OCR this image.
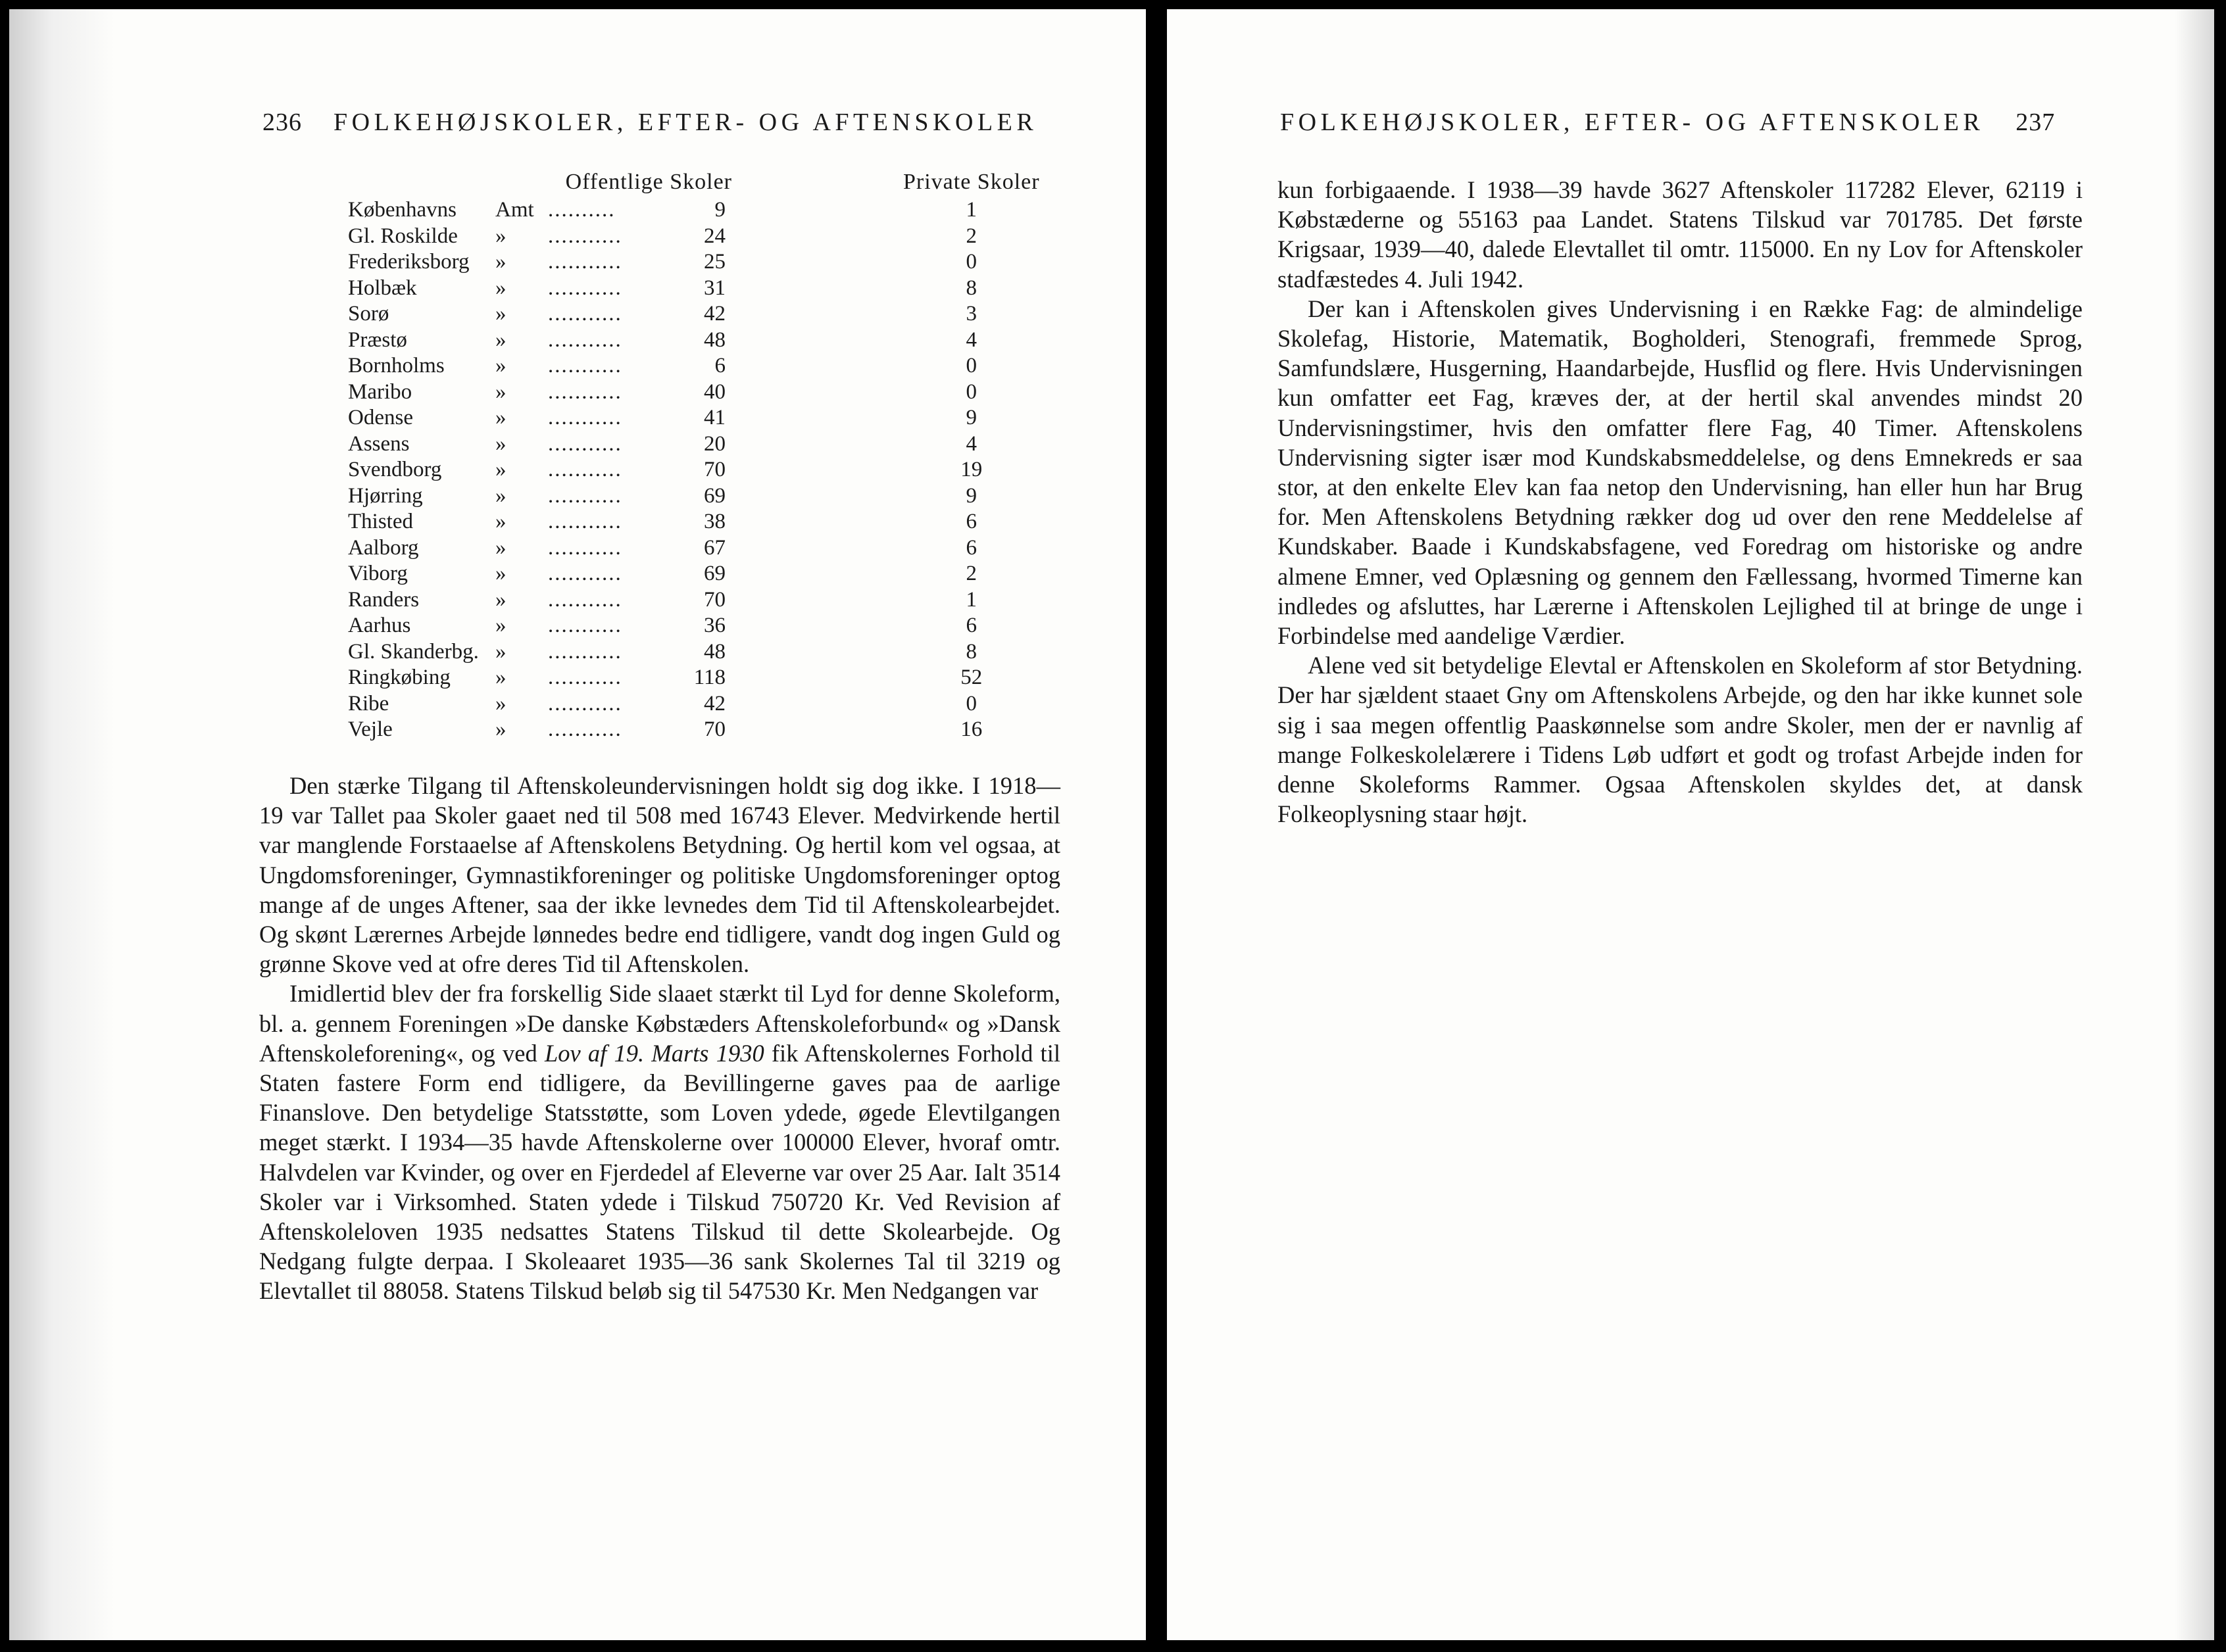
236 FOLKEHØJSKOLER, EFTER- OG AFTENSKOLER
		Offentlige Skoler			Private Skoler
Københavns	Amt	..........	9		1
Gl. Roskilde	»	...........	24		2
Frederiksborg	»	...........	25		0
Holbæk	»	...........	31		8
Sorø	»	...........	42		3
Præstø	»	...........	48		4
Bornholms	»	...........	6		0
Maribo	»	...........	40		0
Odense	»	...........	41		9
Assens	»	...........	20		4
Svendborg	»	...........	70		19
Hjørring	»	...........	69		9
Thisted	»	...........	38		6
Aalborg	»	...........	67		6
Viborg	»	...........	69		2
Randers	»	...........	70		1
Aarhus	»	...........	36		6
Gl. Skanderbg.	»	...........	48		8
Ringkøbing	»	...........	118		52
Ribe	»	...........	42		0
Vejle	»	...........	70		16

Den stærke Tilgang til Aftenskoleundervisningen holdt sig dog ikke. I 1918—19 var Tallet paa Skoler gaaet ned til 508 med 16743 Elever. Medvirkende hertil var manglende Forstaaelse af Aftenskolens Betydning. Og hertil kom vel ogsaa, at Ungdomsforeninger, Gymnastikforeninger og politiske Ungdomsforeninger optog mange af de unges Aftener, saa der ikke levnedes dem Tid til Aftenskolearbejdet. Og skønt Lærernes Arbejde lønnedes bedre end tidligere, vandt dog ingen Guld og grønne Skove ved at ofre deres Tid til Aftenskolen.

Imidlertid blev der fra forskellig Side slaaet stærkt til Lyd for denne Skoleform, bl. a. gennem Foreningen »De danske Købstæders Aftenskoleforbund« og »Dansk Aftenskoleforening«, og ved Lov af 19. Marts 1930 fik Aftenskolernes Forhold til Staten fastere Form end tidligere, da Bevillingerne gaves paa de aarlige Finanslove. Den betydelige Statsstøtte, som Loven ydede, øgede Elevtilgangen meget stærkt. I 1934—35 havde Aftenskolerne over 100000 Elever, hvoraf omtr. Halvdelen var Kvinder, og over en Fjerdedel af Eleverne var over 25 Aar. Ialt 3514 Skoler var i Virksomhed. Staten ydede i Tilskud 750720 Kr. Ved Revision af Aftenskoleloven 1935 nedsattes Statens Tilskud til dette Skolearbejde. Og Nedgang fulgte derpaa. I Skoleaaret 1935—36 sank Skolernes Tal til 3219 og Elevtallet til 88058. Statens Tilskud beløb sig til 547530 Kr. Men Nedgangen var

FOLKEHØJSKOLER, EFTER- OG AFTENSKOLER 237

kun forbigaaende. I 1938—39 havde 3627 Aftenskoler 117282 Elever, 62119 i Købstæderne og 55163 paa Landet. Statens Tilskud var 701785. Det første Krigsaar, 1939—40, dalede Elevtallet til omtr. 115000. En ny Lov for Aftenskoler stadfæstedes 4. Juli 1942.

Der kan i Aftenskolen gives Undervisning i en Række Fag: de almindelige Skolefag, Historie, Matematik, Bogholderi, Stenografi, fremmede Sprog, Samfundslære, Husgerning, Haandarbejde, Husflid og flere. Hvis Undervisningen kun omfatter eet Fag, kræves der, at der hertil skal anvendes mindst 20 Undervisningstimer, hvis den omfatter flere Fag, 40 Timer. Aftenskolens Undervisning sigter især mod Kundskabsmeddelelse, og dens Emnekreds er saa stor, at den enkelte Elev kan faa netop den Undervisning, han eller hun har Brug for. Men Aftenskolens Betydning rækker dog ud over den rene Meddelelse af Kundskaber. Baade i Kundskabsfagene, ved Foredrag om historiske og andre almene Emner, ved Oplæsning og gennem den Fællessang, hvormed Timerne kan indledes og afsluttes, har Lærerne i Aftenskolen Lejlighed til at bringe de unge i Forbindelse med aandelige Værdier.

Alene ved sit betydelige Elevtal er Aftenskolen en Skoleform af stor Betydning. Der har sjældent staaet Gny om Aftenskolens Arbejde, og den har ikke kunnet sole sig i saa megen offentlig Paaskønnelse som andre Skoler, men der er navnlig af mange Folkeskolelærere i Tidens Løb udført et godt og trofast Arbejde inden for denne Skoleforms Rammer. Ogsaa Aftenskolen skyldes det, at dansk Folkeoplysning staar højt.
